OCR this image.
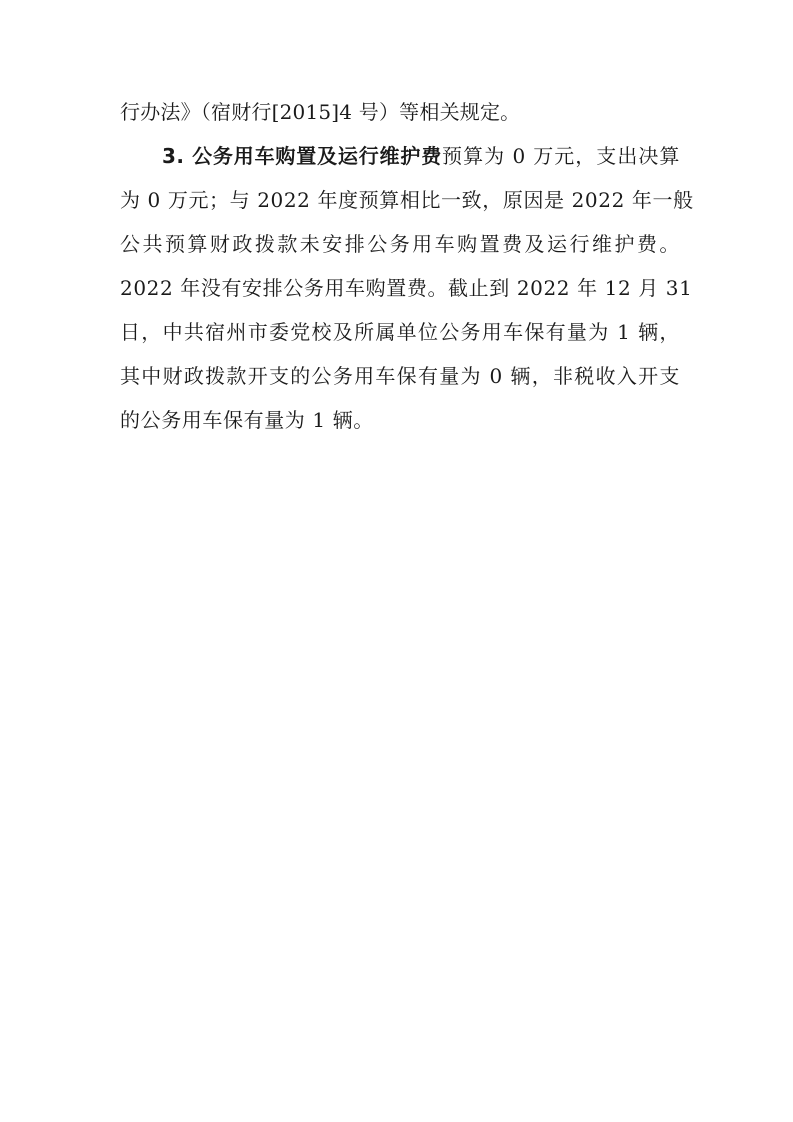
行办法》（宿财行[2015]4 号）等相关规定。
3. 公务用车购置及运行维护费预算为 0 万元，支出决算
为 0 万元；与 2022 年度预算相比一致，原因是 2022 年一般
公共预算财政拨款未安排公务用车购置费及运行维护费。
2022 年没有安排公务用车购置费。截止到 2022 年 12 月 31
日，中共宿州市委党校及所属单位公务用车保有量为 1 辆，
其中财政拨款开支的公务用车保有量为 0 辆，非税收入开支
的公务用车保有量为 1 辆。
